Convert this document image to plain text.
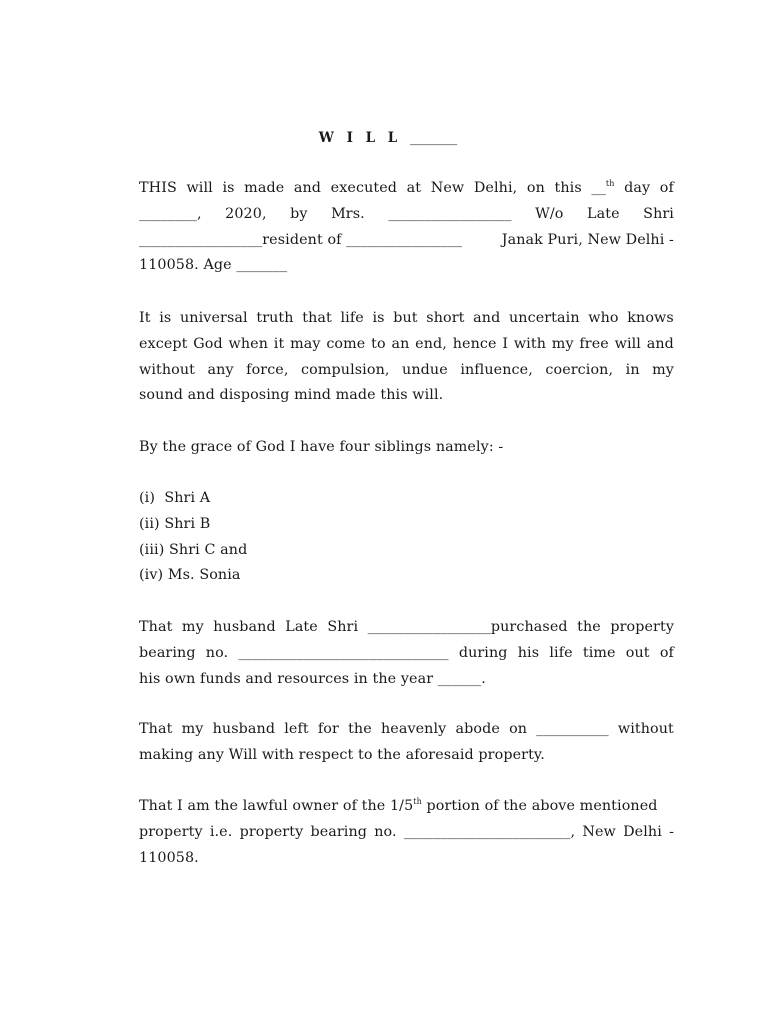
W I L L _______
THIS will is made and executed at New Delhi, on this __$^{th}$ day of
________, 2020, by Mrs. _________________ W/o Late Shri
_________________resident of ________________	Janak Puri, New Delhi -
110058. Age _______
It is universal truth that life is but short and uncertain who knows
except God when it may come to an end, hence I with my free will and
without any force, compulsion, undue influence, coercion, in my
sound and disposing mind made this will.
By the grace of God I have four siblings namely: -
(i)  Shri A
(ii) Shri B
(iii) Shri C and
(iv) Ms. Sonia
That my husband Late Shri _________________purchased the property
bearing no. _____________________________ during his life time out of
his own funds and resources in the year ______.
That my husband left for the heavenly abode on __________ without
making any Will with respect to the aforesaid property.
That I am the lawful owner of the 1/5th portion of the above mentioned
property i.e. property bearing no. _______________________, New Delhi -
110058.
